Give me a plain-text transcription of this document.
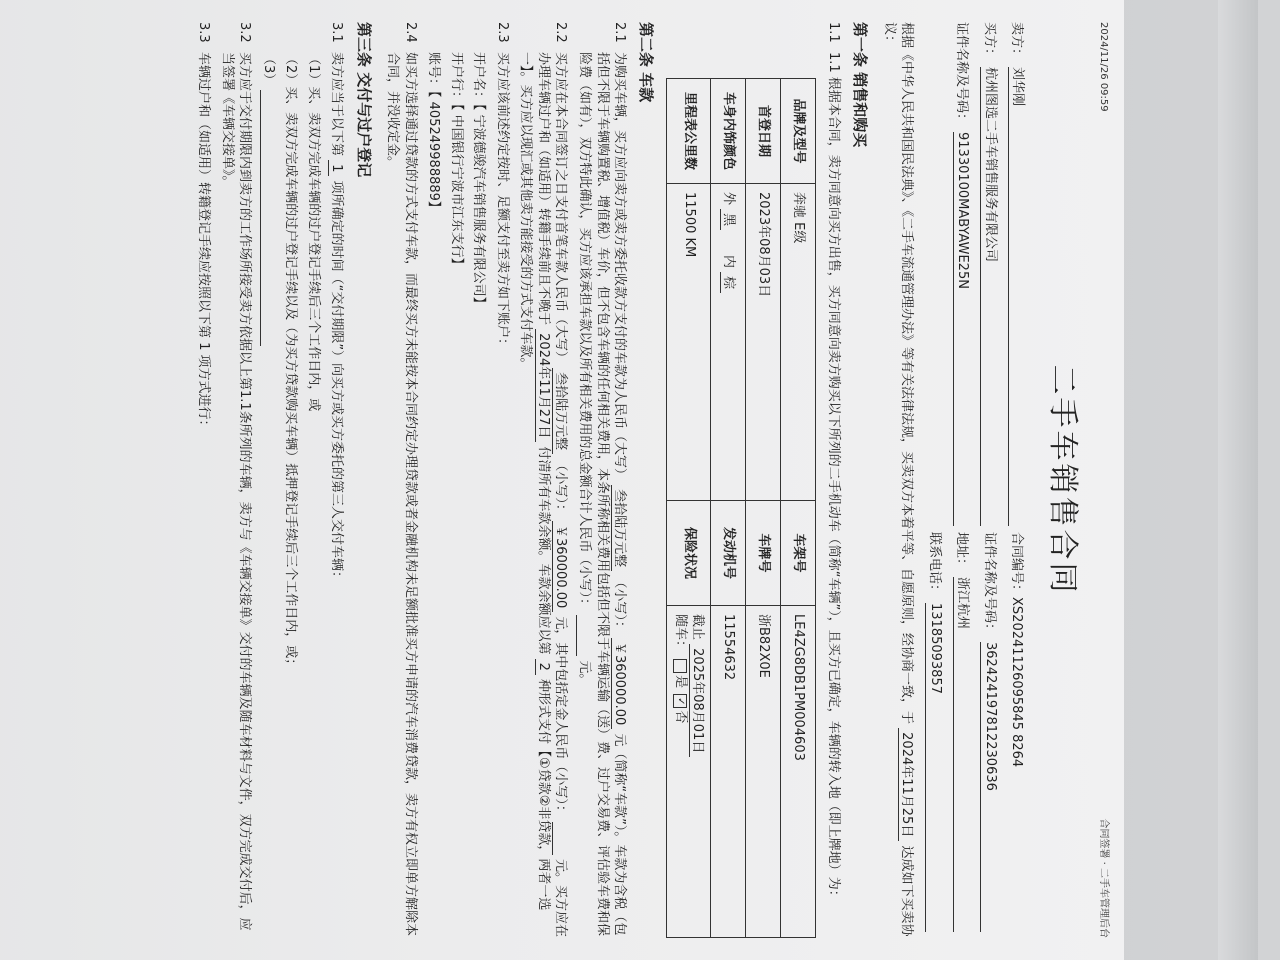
2024/11/26 09:59
合同签署 · 二手车管理后台
二手车销售合同
卖方：
刘华刚
合同编号：
XS20241126095845 8264
买方：
杭州图选二手车销售服务有限公司
证件名称及号码：
362424197812230636
证件名称及号码：
91330100MABYAWE25N
地址：
浙江杭州
联系电话：
13185093857
根据《中华人民共和国民法典》、《二手车流通管理办法》等有关法律法规，买卖双方本着平等、自愿原则，经协商一致，于 2024年11月25日 达成如下买卖协议：
第一条 销售和购买
1.1
1.1 根据本合同，卖方同意向买方出售，买方同意向卖方购买以下所列的二手机动车（简称“车辆”），且买方已确定，车辆的转入地（即上牌地）为：
品牌及型号	奔驰 E级	车架号	LE4ZG8DB1PM004603
首登日期	2023年08月03日	车牌号	浙B82X0E
车身内饰颜色	外 黑      内 棕	发动机号	11554632
里程表公里数	11500 KM	保险状况	截止 2025年08月01日
随车： 是 ✓否
第二条 车款
2.1
为购买车辆，买方应向卖方或卖方委托收款方支付的车款为人民币（大写） 叁拾陆万元整 （小写）： ￥360000.00 元（简称“车款”）。车款为含税（包括但不限于车辆购置税、增值税）车价，但不包含车辆的任何相关费用，本条所称相关费用包括但不限于车辆运输（送）费、过户交易费、评估验车费和保险费（如有），双方特此确认，买方应该承担车款以及所有相关费用的总金额合计人民币（小写）：          元。
2.2
买方应在本合同签订之日支付首笔车款人民币（大写） 叁拾陆万元整 （小写）： ￥360000.00 元，其中包括定金人民币（小写）：        元。买方应在办理车辆过户和（如适用）转籍手续前且不晚于 2024年11月27日 付清所有车款余额。车款余额应以第 2 种形式支付【①贷款②非贷款，两者一选一】。买方应以现汇或其他卖方能接受的方式支付车款。
2.3
买方应该前述约定按时、足额支付至卖方如下账户：
开户名：【 宁波德骏汽车销售服务有限公司】
开户行：【 中国银行宁波市江东支行】
账号：【 405249988889】
2.4
如买方选择通过贷款的方式支付车款，而最终买方未能按本合同约定办理贷款或者金融机构未足额批准买方申请的汽车消费贷款，卖方有权立即单方解除本合同，并没收定金。
第三条 交付与过户登记
3.1
卖方应当于以下第 1 项所确定的时间（“交付期限”）向买方或买方委托的第三人交付车辆：
（1）买、卖双方完成车辆的过户登记手续后三个工作日内，或
（2）买、卖双方完成车辆的过户登记手续以及（为买方贷款购买车辆）抵押登记手续后三个工作日内，或；
（3）
3.2
买方应于交付期限内到卖方的工作场所接受卖方依据以上第1.1条所列的车辆，卖方与《车辆交接单》交付的车辆及随车材料与文件，双方完成交付后，应当签署《车辆交接单》。
3.3
车辆过户和（如适用）转籍登记手续应按照以下第 1 项方式进行：
